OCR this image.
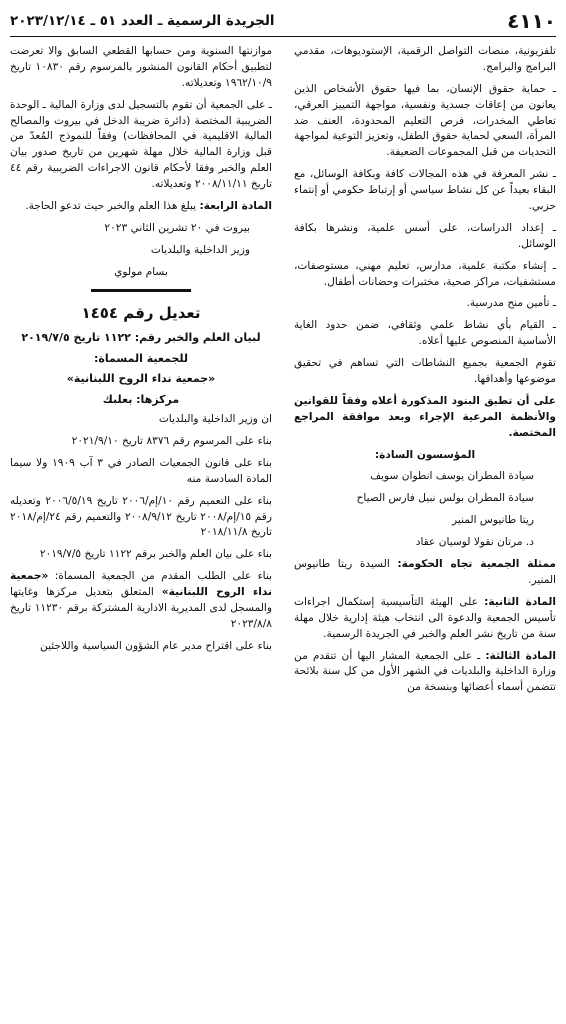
٤١١٠
الجريدة الرسمية ـ العدد ٥١ ـ ٢٠٢٣/١٢/١٤

تلفزيونية، منصات التواصل الرقمية، الإستوديوهات، مقدمي البرامج والبرامج.

ـ حماية حقوق الإنسان، بما فيها حقوق الأشخاص الذين يعانون من إعاقات جسدية ونفسية، مواجهة التمييز العرقي، تعاطي المخدرات، فرص التعليم المحدودة، العنف ضد المرأة، السعي لحماية حقوق الطفل، وتعزيز التوعية لمواجهة التحديات من قبل المجموعات الضعيفة.

ـ نشر المعرفة في هذه المجالات كافة وبكافة الوسائل، مع البقاء بعيداً عن كل نشاط سياسي أو إرتباط حكومي أو إنتماء حزبي.

ـ إعداد الدراسات، على أسس علمية، ونشرها بكافة الوسائل.

ـ إنشاء مكتبة علمية، مدارس، تعليم مهني، مستوصفات، مستشفيات، مراكز صحية، مختبرات وحضانات أطفال.

ـ تأمين منح مدرسية.

ـ القيام بأي نشاط علمي وثقافي، ضمن حدود الغاية الأساسية المنصوص عليها أعلاه.

تقوم الجمعية بجميع النشاطات التي تساهم في تحقيق موضوعها وأهدافها.

على أن تطبق البنود المذكورة أعلاه وفقاً للقوانين والأنظمة المرعية الإجراء وبعد موافقة المراجع المختصة.

المؤسسون السادة:

سيادة المطران يوسف انطوان سويف

سيادة المطران بولس نبيل فارس الصياح

ريتا طانيوس المنير

د. مرتان نقولا لوسيان عقاد

ممثلة الجمعية تجاه الحكومة: السيدة ريتا طانيوس المنير.

المادة الثانية: على الهيئة التأسيسية إستكمال اجراءات تأسيس الجمعية والدعوة الى انتخاب هيئة إدارية خلال مهلة سنة من تاريخ نشر العلم والخبر في الجريدة الرسمية.

المادة الثالثة: ـ على الجمعية المشار اليها أن تتقدم من وزارة الداخلية والبلديات في الشهر الأول من كل سنة بلائحة تتضمن أسماء أعضائها وبنسخة من

موازنتها السنوية ومن حسابها القطعي السابق والا تعرضت لتطبيق أحكام القانون المنشور بالمرسوم رقم ١٠٨٣٠ تاريخ ١٩٦٢/١٠/٩ وتعديلاته.

ـ على الجمعية أن تقوم بالتسجيل لدى وزارة المالية ـ الوحدة الضريبية المختصة (دائرة ضريبة الدخل في بيروت والمصالح المالية الاقليمية في المحافظات) وفقاً للنموذج المُعدّ من قبل وزارة المالية خلال مهلة شهرين من تاريخ صدور بيان العلم والخبر وفقا لأحكام قانون الاجراءات الضريبية رقم ٤٤ تاريخ ٢٠٠٨/١١/١١ وتعديلاته.

المادة الرابعة: يبلغ هذا العلم والخبر حيث تدعو الحاجة.

بيروت في ٢٠ تشرين الثاني ٢٠٢٣

وزير الداخلية والبلديات

بسام مولوي

تعديل رقم ١٤٥٤
لبيان العلم والخبر رقم: ١١٢٢ تاريخ ٢٠١٩/٧/٥
للجمعية المسماة:
«جمعية نداء الروح اللبنانية»
مركزها: بعلبك

ان وزير الداخلية والبلديات

بناء على المرسوم رقم ٨٣٧٦ تاريخ ٢٠٢١/٩/١٠

بناء على قانون الجمعيات الصادر في ٣ آب ١٩٠٩ ولا سيما المادة السادسة منه

بناء على التعميم رقم ١٠/إم/٢٠٠٦ تاريخ ٢٠٠٦/٥/١٩ وتعديله رقم ١٥/إم/٢٠٠٨ تاريخ ٢٠٠٨/٩/١٢ والتعميم رقم ٢٤/إم/٢٠١٨ تاريخ ٢٠١٨/١١/٨

بناء على بيان العلم والخبر برقم ١١٢٢ تاريخ ٢٠١٩/٧/٥

بناء على الطلب المقدم من الجمعية المسماة: «جمعية نداء الروح اللبنانية» المتعلق بتعديل مركزها وغايتها والمسجل لدى المديرية الادارية المشتركة برقم ١١٢٣٠ تاريخ ٢٠٢٣/٨/٨

بناء على اقتراح مدير عام الشؤون السياسية واللاجئين
